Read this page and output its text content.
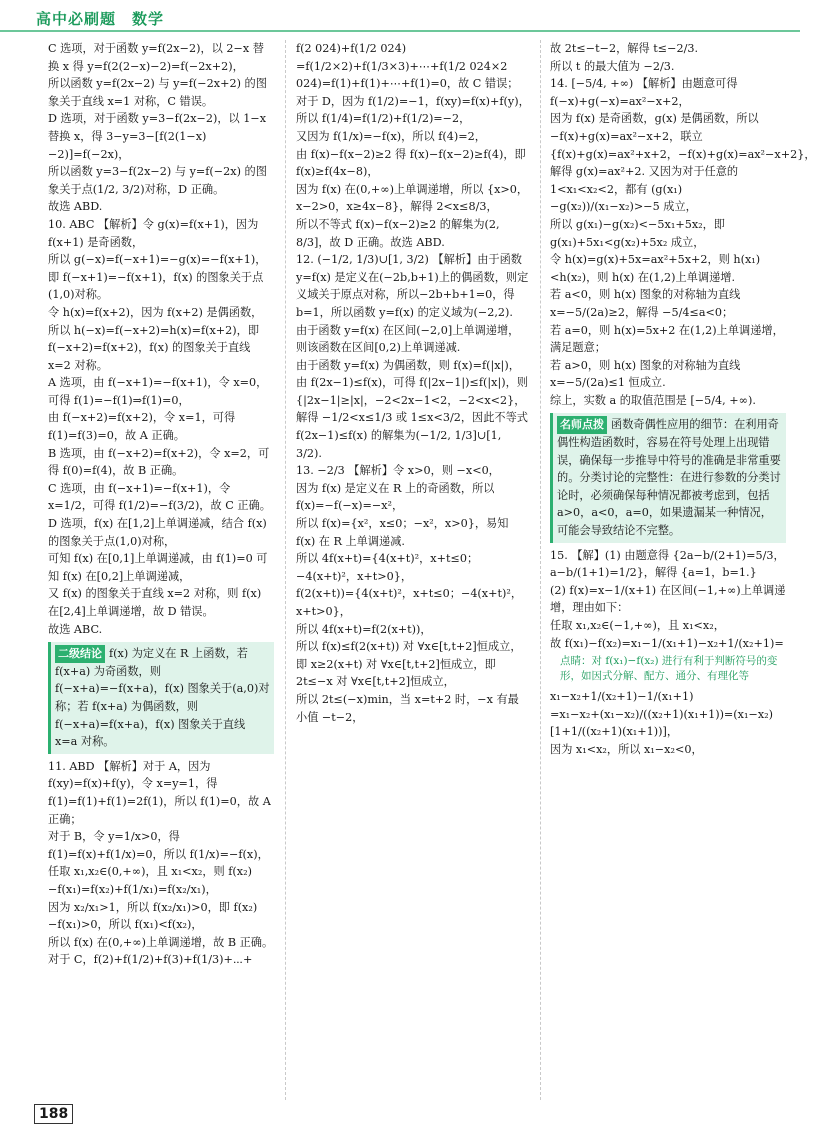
高中必刷题　数学

C 选项，对于函数 y=f(2x−2)，以 2−x 替换 x 得 y=f(2(2−x)−2)=f(−2x+2)，

所以函数 y=f(2x−2) 与 y=f(−2x+2) 的图象关于直线 x=1 对称，C 错误。

D 选项，对于函数 y=3−f(2x−2)，以 1−x 替换 x，得 3−y=3−[f(2(1−x)−2)]=f(−2x)，

所以函数 y=3−f(2x−2) 与 y=f(−2x) 的图象关于点(1/2, 3/2)对称，D 正确。

故选 ABD.

10. ABC 【解析】令 g(x)=f(x+1)，因为 f(x+1) 是奇函数，

所以 g(−x)=f(−x+1)=−g(x)=−f(x+1)，

即 f(−x+1)=−f(x+1)，f(x) 的图象关于点(1,0)对称。

令 h(x)=f(x+2)，因为 f(x+2) 是偶函数，

所以 h(−x)=f(−x+2)=h(x)=f(x+2)，即 f(−x+2)=f(x+2)，f(x) 的图象关于直线 x=2 对称。

A 选项，由 f(−x+1)=−f(x+1)，令 x=0，可得 f(1)=−f(1)⇒f(1)=0，

由 f(−x+2)=f(x+2)，令 x=1，可得 f(1)=f(3)=0，故 A 正确。

B 选项，由 f(−x+2)=f(x+2)，令 x=2，可得 f(0)=f(4)，故 B 正确。

C 选项，由 f(−x+1)=−f(x+1)，令 x=1/2，可得 f(1/2)=−f(3/2)，故 C 正确。

D 选项，f(x) 在[1,2]上单调递减，结合 f(x) 的图象关于点(1,0)对称，

可知 f(x) 在[0,1]上单调递减，由 f(1)=0 可知 f(x) 在[0,2]上单调递减，

又 f(x) 的图象关于直线 x=2 对称，则 f(x) 在[2,4]上单调递增，故 D 错误。

故选 ABC.

二级结论 f(x) 为定义在 R 上函数，若 f(x+a) 为奇函数，则 f(−x+a)=−f(x+a)，f(x) 图象关于(a,0)对称；若 f(x+a) 为偶函数，则 f(−x+a)=f(x+a)，f(x) 图象关于直线 x=a 对称。

11. ABD 【解析】对于 A，因为 f(xy)=f(x)+f(y)，令 x=y=1，得 f(1)=f(1)+f(1)=2f(1)，所以 f(1)=0，故 A 正确；

对于 B，令 y=1/x>0，得 f(1)=f(x)+f(1/x)=0，所以 f(1/x)=−f(x)，

任取 x₁,x₂∈(0,+∞)，且 x₁<x₂，则 f(x₂)−f(x₁)=f(x₂)+f(1/x₁)=f(x₂/x₁)，

因为 x₂/x₁>1，所以 f(x₂/x₁)>0，即 f(x₂)−f(x₁)>0，所以 f(x₁)<f(x₂)，

所以 f(x) 在(0,+∞)上单调递增，故 B 正确。

对于 C，f(2)+f(1/2)+f(3)+f(1/3)+⋯+

f(2 024)+f(1/2 024)

=f(1/2×2)+f(1/3×3)+⋯+f(1/2 024×2 024)=f(1)+f(1)+⋯+f(1)=0，故 C 错误；

对于 D，因为 f(1/2)=−1，f(xy)=f(x)+f(y)，所以 f(1/4)=f(1/2)+f(1/2)=−2，

又因为 f(1/x)=−f(x)，所以 f(4)=2，

由 f(x)−f(x−2)≥2 得 f(x)−f(x−2)≥f(4)，即 f(x)≥f(4x−8)，

因为 f(x) 在(0,+∞)上单调递增，所以 {x>0，x−2>0，x≥4x−8}，解得 2<x≤8/3，

所以不等式 f(x)−f(x−2)≥2 的解集为(2, 8/3]，故 D 正确。故选 ABD.

12. (−1/2, 1/3)∪[1, 3/2) 【解析】由于函数 y=f(x) 是定义在(−2b,b+1)上的偶函数，则定义域关于原点对称，所以−2b+b+1=0，得 b=1，所以函数 y=f(x) 的定义域为(−2,2).

由于函数 y=f(x) 在区间(−2,0]上单调递增，则该函数在区间[0,2)上单调递减.

由于函数 y=f(x) 为偶函数，则 f(x)=f(|x|)，由 f(2x−1)≤f(x)，可得 f(|2x−1|)≤f(|x|)，则 {|2x−1|≥|x|，−2<2x−1<2，−2<x<2}，

解得 −1/2<x≤1/3 或 1≤x<3/2，因此不等式 f(2x−1)≤f(x) 的解集为(−1/2, 1/3]∪[1, 3/2).

13. −2/3 【解析】令 x>0，则 −x<0，

因为 f(x) 是定义在 R 上的奇函数，所以 f(x)=−f(−x)=−x²，

所以 f(x)={x²，x≤0；−x²，x>0}，易知 f(x) 在 R 上单调递减.

所以 4f(x+t)={4(x+t)²，x+t≤0；−4(x+t)²，x+t>0}，

f(2(x+t))={4(x+t)²，x+t≤0；−4(x+t)²，x+t>0}，

所以 4f(x+t)=f(2(x+t))，

所以 f(x)≤f(2(x+t)) 对 ∀x∈[t,t+2]恒成立，

即 x≥2(x+t) 对 ∀x∈[t,t+2]恒成立，即 2t≤−x 对 ∀x∈[t,t+2]恒成立，

所以 2t≤(−x)min，当 x=t+2 时，−x 有最小值 −t−2，

故 2t≤−t−2，解得 t≤−2/3.

所以 t 的最大值为 −2/3.

14. [−5/4, +∞) 【解析】由题意可得 f(−x)+g(−x)=ax²−x+2，

因为 f(x) 是奇函数，g(x) 是偶函数，所以 −f(x)+g(x)=ax²−x+2，联立 {f(x)+g(x)=ax²+x+2，−f(x)+g(x)=ax²−x+2}，

解得 g(x)=ax²+2. 又因为对于任意的 1<x₁<x₂<2，都有 (g(x₁)−g(x₂))/(x₁−x₂)>−5 成立，

所以 g(x₁)−g(x₂)<−5x₁+5x₂，即 g(x₁)+5x₁<g(x₂)+5x₂ 成立，

令 h(x)=g(x)+5x=ax²+5x+2，则 h(x₁)<h(x₂)，则 h(x) 在(1,2)上单调递增.

若 a<0，则 h(x) 图象的对称轴为直线 x=−5/(2a)≥2，解得 −5/4≤a<0；

若 a=0，则 h(x)=5x+2 在(1,2)上单调递增，满足题意；

若 a>0，则 h(x) 图象的对称轴为直线 x=−5/(2a)≤1 恒成立.

综上，实数 a 的取值范围是 [−5/4, +∞).

名师点拨 函数奇偶性应用的细节：在利用奇偶性构造函数时，容易在符号处理上出现错误，确保每一步推导中符号的准确是非常重要的。分类讨论的完整性：在进行参数的分类讨论时，必须确保每种情况都被考虑到，包括 a>0，a<0，a=0，如果遗漏某一种情况，可能会导致结论不完整。

15. 【解】(1) 由题意得 {2a−b/(2+1)=5/3，a−b/(1+1)=1/2}，解得 {a=1，b=1.}

(2) f(x)=x−1/(x+1) 在区间(−1,+∞)上单调递增，理由如下：

任取 x₁,x₂∈(−1,+∞)，且 x₁<x₂，

故 f(x₁)−f(x₂)=x₁−1/(x₁+1)−x₂+1/(x₂+1)=

点睛：对 f(x₁)−f(x₂) 进行有利于判断符号的变形，如因式分解、配方、通分、有理化等

x₁−x₂+1/(x₂+1)−1/(x₁+1)

=x₁−x₂+(x₁−x₂)/((x₂+1)(x₁+1))=(x₁−x₂)[1+1/((x₂+1)(x₁+1))]，

因为 x₁<x₂，所以 x₁−x₂<0，

188
